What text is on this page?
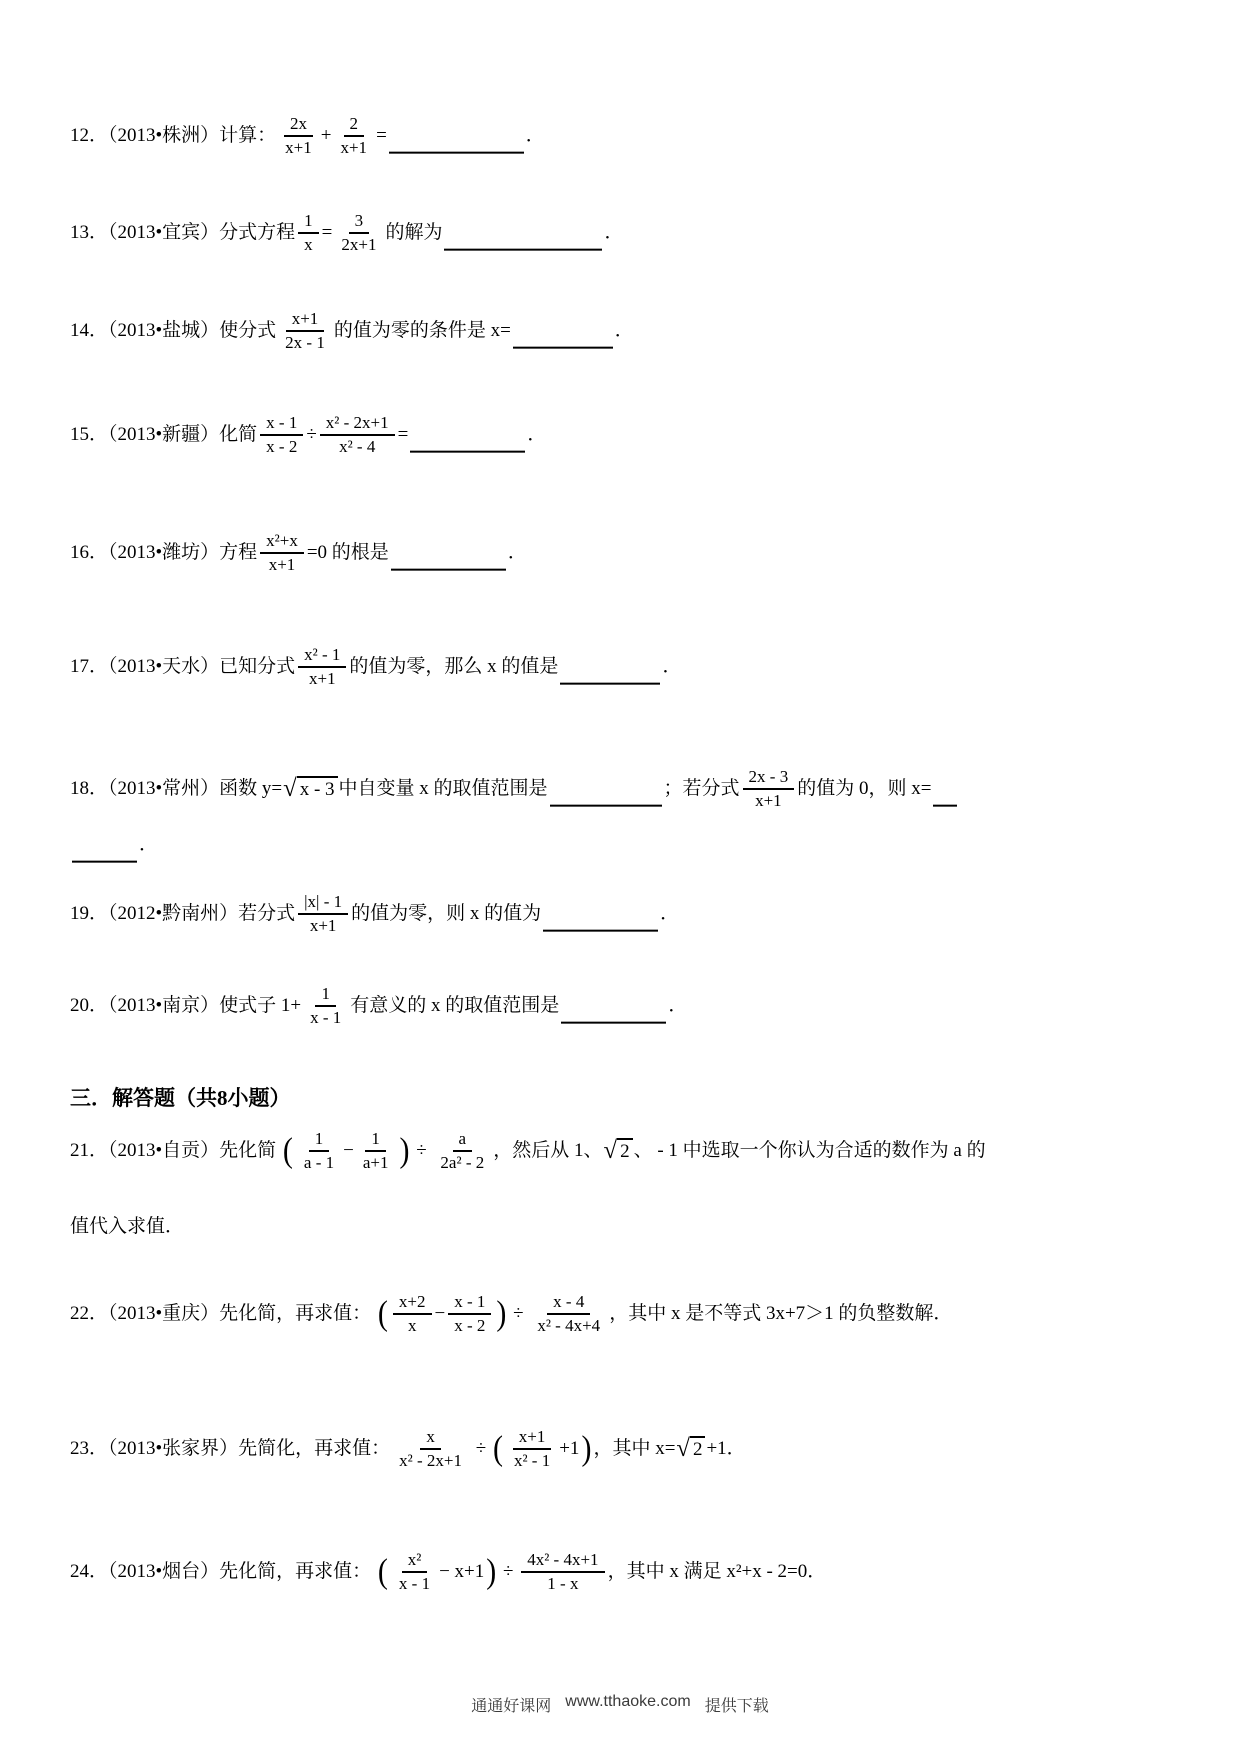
三．解答题（共8小题）
12．（2013•株洲）计算： $\frac{2x}{x+1} + \frac{2}{x+1}$ =	．
13．（2013•宜宾）分式方程 $\frac{1}{x} = \frac{3}{2x+1}$ 的解为	．
14．（2013•盐城）使分式 $\frac{x+1}{2x - 1}$ 的值为零的条件是 x=	．
15．（2013•新疆）化简 $\frac{x - 1}{x - 2} \div \frac{\text{x² - 2x+1}}{\text{x² - 4}}$ =	．
16．（2013•潍坊）方程 $\frac{\text{x²+x}}{x+1} =0$ 的根是	．
17．（2013•天水）已知分式 $\frac{\text{x² - 1}}{x+1}$ 的值为零，那么 x 的值是	．
18．（2013•常州）函数 y= √ x - 3 中自变量 x 的取值范围是	；若分式 $\frac{2x - 3}{x+1}$ 的值为 0，则 x=
．
19．（2012•黔南州）若分式 $\frac{|x| - 1}{x+1}$ 的值为零，则 x 的值为	．
20．（2013•南京）使式子 $1+ \frac{1}{x - 1}$ 有意义的 x 的取值范围是	．
21．（2013•自贡）先化简 ( $\frac{1}{a - 1} - \frac{1}{a+1}$ ) ÷ $\frac{a}{\text{2a² - 2}}$ ，然后从 1、 √ 2 、 - 1 中选取一个你认为合适的数作为 a 的
值代入求值．
22．（2013•重庆）先化简，再求值： ( $\frac{x+2}{x} - \frac{x - 1}{x - 2}$ ) ÷ $\frac{x - 4}{\text{x² - 4x+4}}$ ，其中 x 是不等式 3x+7＞1 的负整数解．
23．（2013•张家界）先简化，再求值： $\frac{x}{\text{x² - 2x+1}}$ ÷ ( $\frac{x+1}{\text{x² - 1}} +1$ ) ，其中 x= √ 2 +1．
24．（2013•烟台）先化简，再求值： ( $\frac{\text{x²}}{x - 1} - x+1$ ) ÷ $\frac{\text{4x² - 4x+1}}{1 - x}$ ，其中 x 满足 x²+x - 2=0．
通通好课网 www.tthaoke.com 提供下载
